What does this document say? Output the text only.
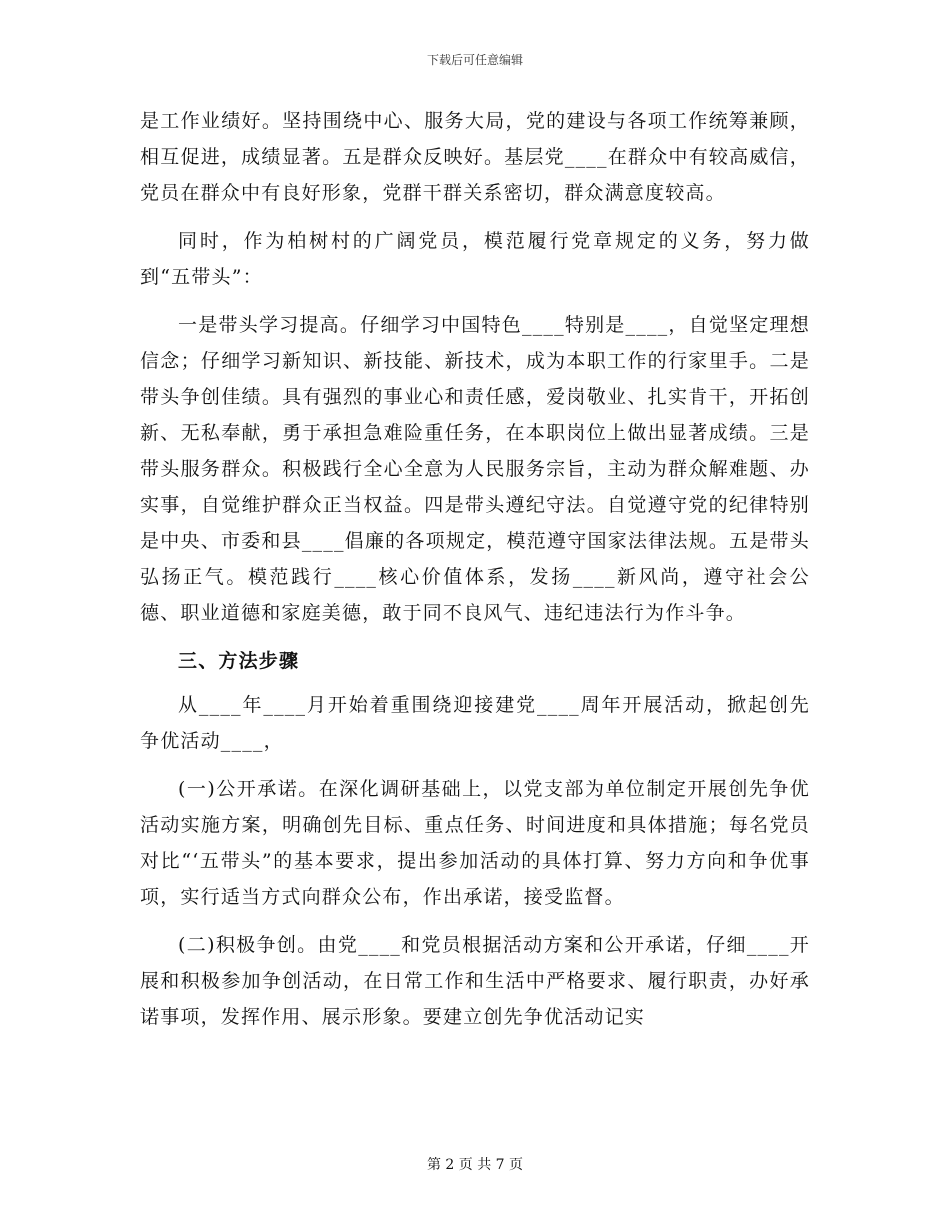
下载后可任意编辑

是工作业绩好。坚持围绕中心、服务大局，党的建设与各项工作统筹兼顾，相互促进，成绩显著。五是群众反映好。基层党____在群众中有较高威信，党员在群众中有良好形象，党群干群关系密切，群众满意度较高。

同时，作为柏树村的广阔党员，模范履行党章规定的义务，努力做到“五带头”：

一是带头学习提高。仔细学习中国特色____特别是____，自觉坚定理想信念；仔细学习新知识、新技能、新技术，成为本职工作的行家里手。二是带头争创佳绩。具有强烈的事业心和责任感，爱岗敬业、扎实肯干，开拓创新、无私奉献，勇于承担急难险重任务，在本职岗位上做出显著成绩。三是带头服务群众。积极践行全心全意为人民服务宗旨，主动为群众解难题、办实事，自觉维护群众正当权益。四是带头遵纪守法。自觉遵守党的纪律特别是中央、市委和县____倡廉的各项规定，模范遵守国家法律法规。五是带头弘扬正气。模范践行____核心价值体系，发扬____新风尚，遵守社会公德、职业道德和家庭美德，敢于同不良风气、违纪违法行为作斗争。

三、方法步骤

从____年____月开始着重围绕迎接建党____周年开展活动，掀起创先争优活动____，

(一)公开承诺。在深化调研基础上，以党支部为单位制定开展创先争优活动实施方案，明确创先目标、重点任务、时间进度和具体措施；每名党员对比“‘五带头”的基本要求，提出参加活动的具体打算、努力方向和争优事项，实行适当方式向群众公布，作出承诺，接受监督。

(二)积极争创。由党____和党员根据活动方案和公开承诺，仔细____开展和积极参加争创活动，在日常工作和生活中严格要求、履行职责，办好承诺事项，发挥作用、展示形象。要建立创先争优活动记实

第 2 页 共 7 页
